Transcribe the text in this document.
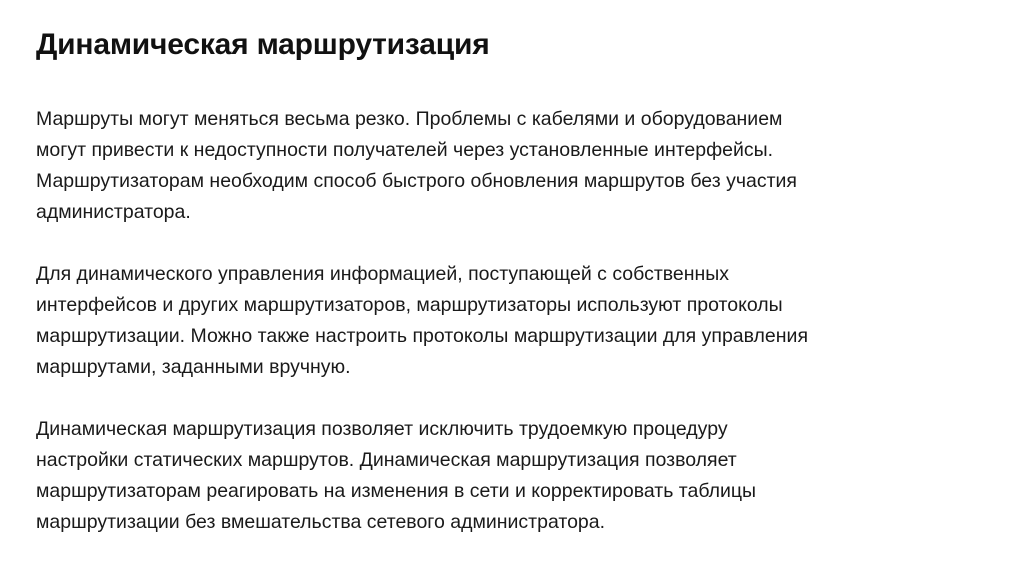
Динамическая маршрутизация

Маршруты могут меняться весьма резко. Проблемы с кабелями и оборудованием
могут привести к недоступности получателей через установленные интерфейсы.
Маршрутизаторам необходим способ быстрого обновления маршрутов без участия
администратора.

Для динамического управления информацией, поступающей с собственных
интерфейсов и других маршрутизаторов, маршрутизаторы используют протоколы
маршрутизации. Можно также настроить протоколы маршрутизации для управления
маршрутами, заданными вручную.

Динамическая маршрутизация позволяет исключить трудоемкую процедуру
настройки статических маршрутов. Динамическая маршрутизация позволяет
маршрутизаторам реагировать на изменения в сети и корректировать таблицы
маршрутизации без вмешательства сетевого администратора.
